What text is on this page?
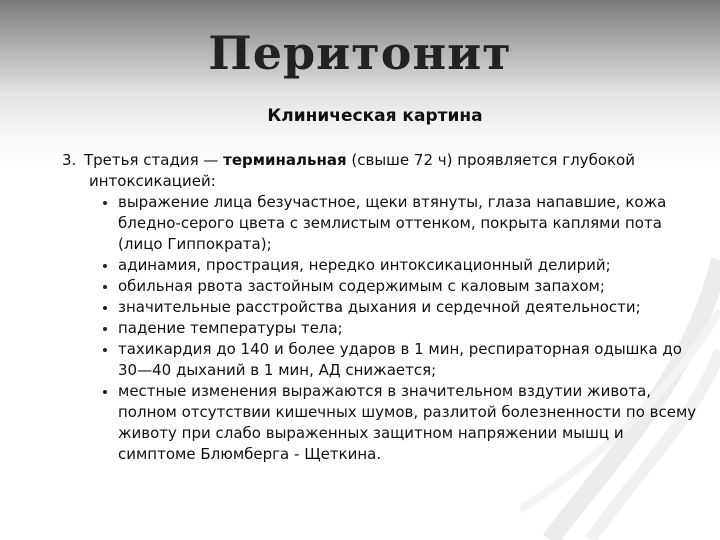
Перитонит
Клиническая картина
3. Третья стадия — терминальная (свыше 72 ч) проявляется глубокой
интоксикацией:
выражение лица безучастное, щеки втянуты, глаза напавшие, кожа бледно-серого цвета с землистым оттенком, покрыта каплями пота (лицо Гиппократа);
адинамия, прострация, нередко интоксикационный делирий;
обильная рвота застойным содержимым с каловым запахом;
значительные расстройства дыхания и сердечной деятельности;
падение температуры тела;
тахикардия до 140 и более ударов в 1 мин, респираторная одышка до 30—40 дыханий в 1 мин, АД снижается;
местные изменения выражаются в значительном вздутии живота, полном отсутствии кишечных шумов, разлитой болезненности по всему животу при слабо выраженных защитном напряжении мышц и симптоме Блюмберга - Щеткина.
